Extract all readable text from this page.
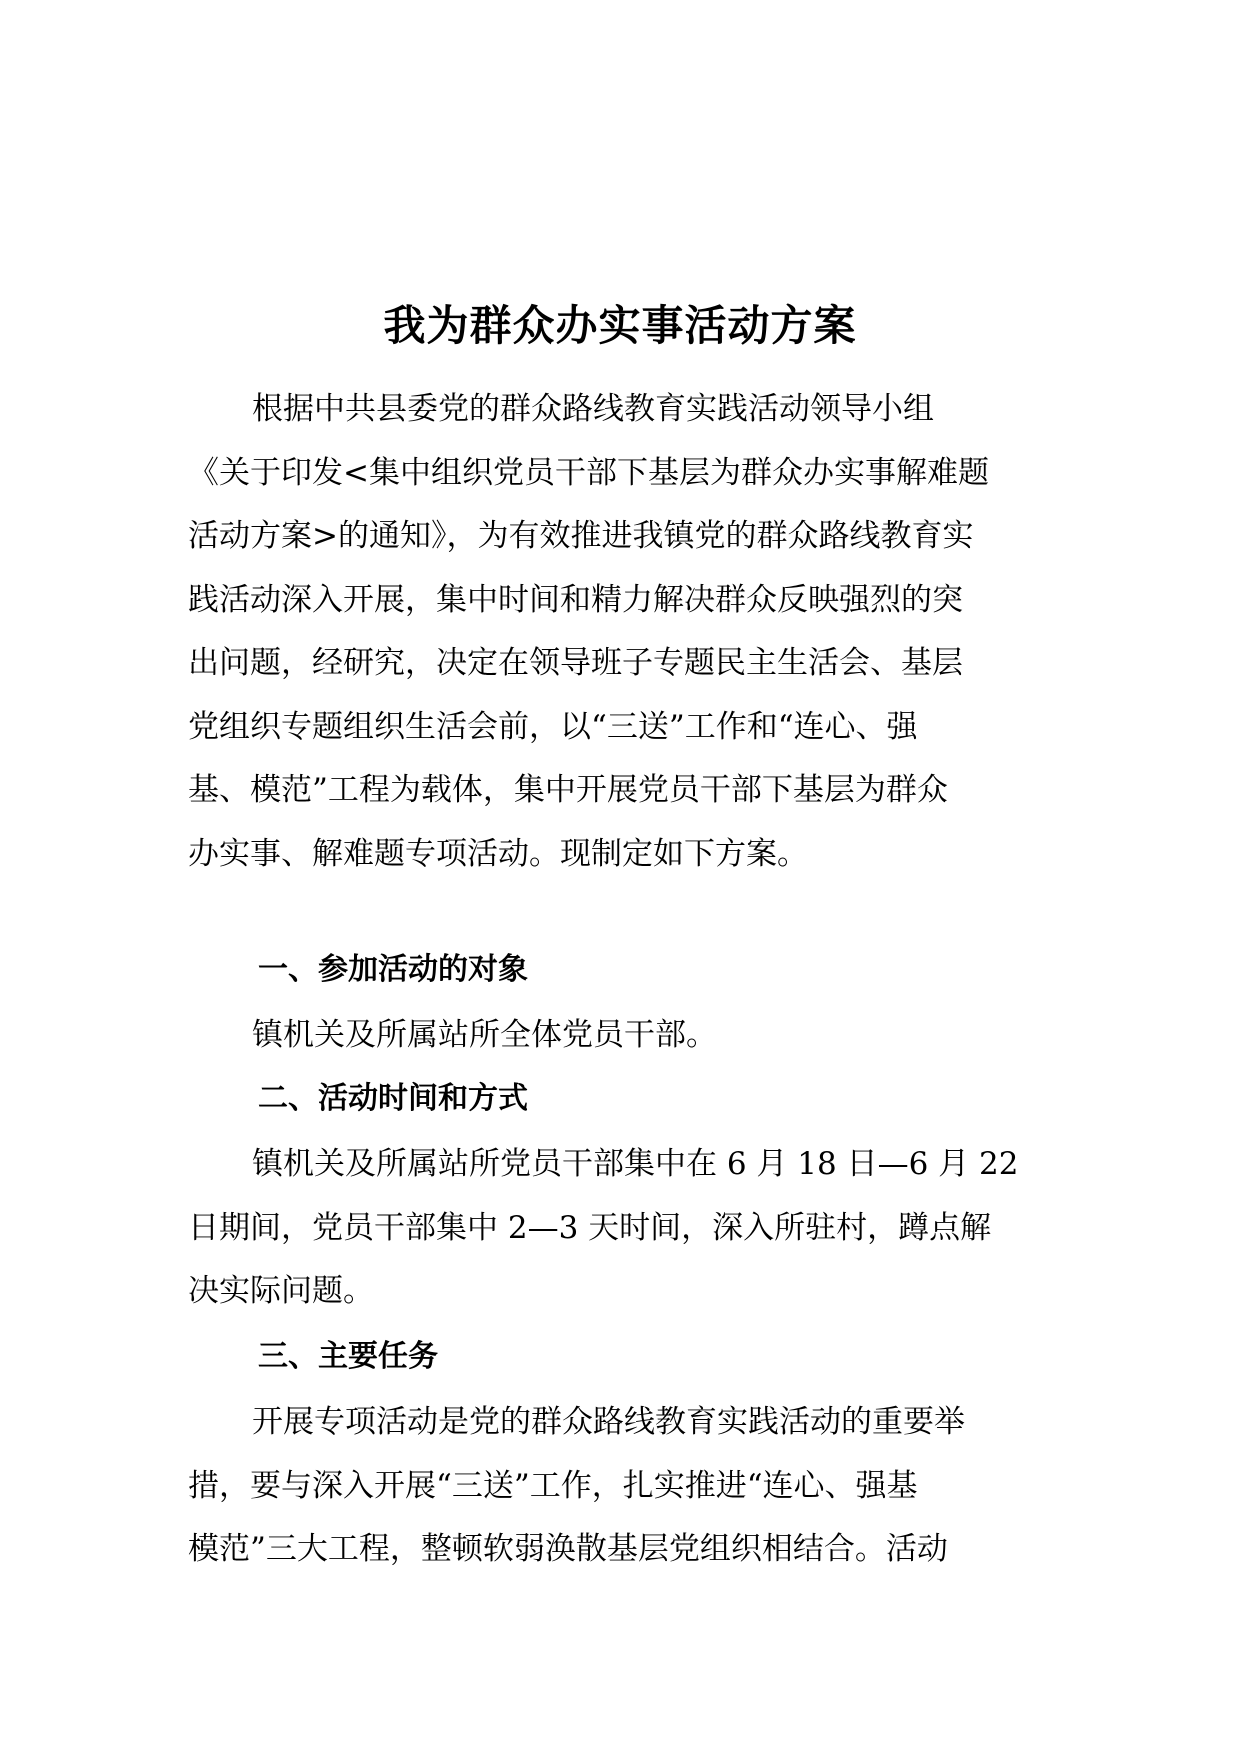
我为群众办实事活动方案
根据中共县委党的群众路线教育实践活动领导小组
《关于印发<集中组织党员干部下基层为群众办实事解难题
活动方案>的通知》，为有效推进我镇党的群众路线教育实
践活动深入开展，集中时间和精力解决群众反映强烈的突
出问题，经研究，决定在领导班子专题民主生活会、基层
党组织专题组织生活会前，以“三送”工作和“连心、强
基、模范”工程为载体，集中开展党员干部下基层为群众
办实事、解难题专项活动。现制定如下方案。
一、参加活动的对象
镇机关及所属站所全体党员干部。
二、活动时间和方式
镇机关及所属站所党员干部集中在 6 月 18 日—6 月 22
日期间，党员干部集中 2—3 天时间，深入所驻村，蹲点解
决实际问题。
三、主要任务
开展专项活动是党的群众路线教育实践活动的重要举
措，要与深入开展“三送”工作，扎实推进“连心、强基
模范”三大工程，整顿软弱涣散基层党组织相结合。活动
